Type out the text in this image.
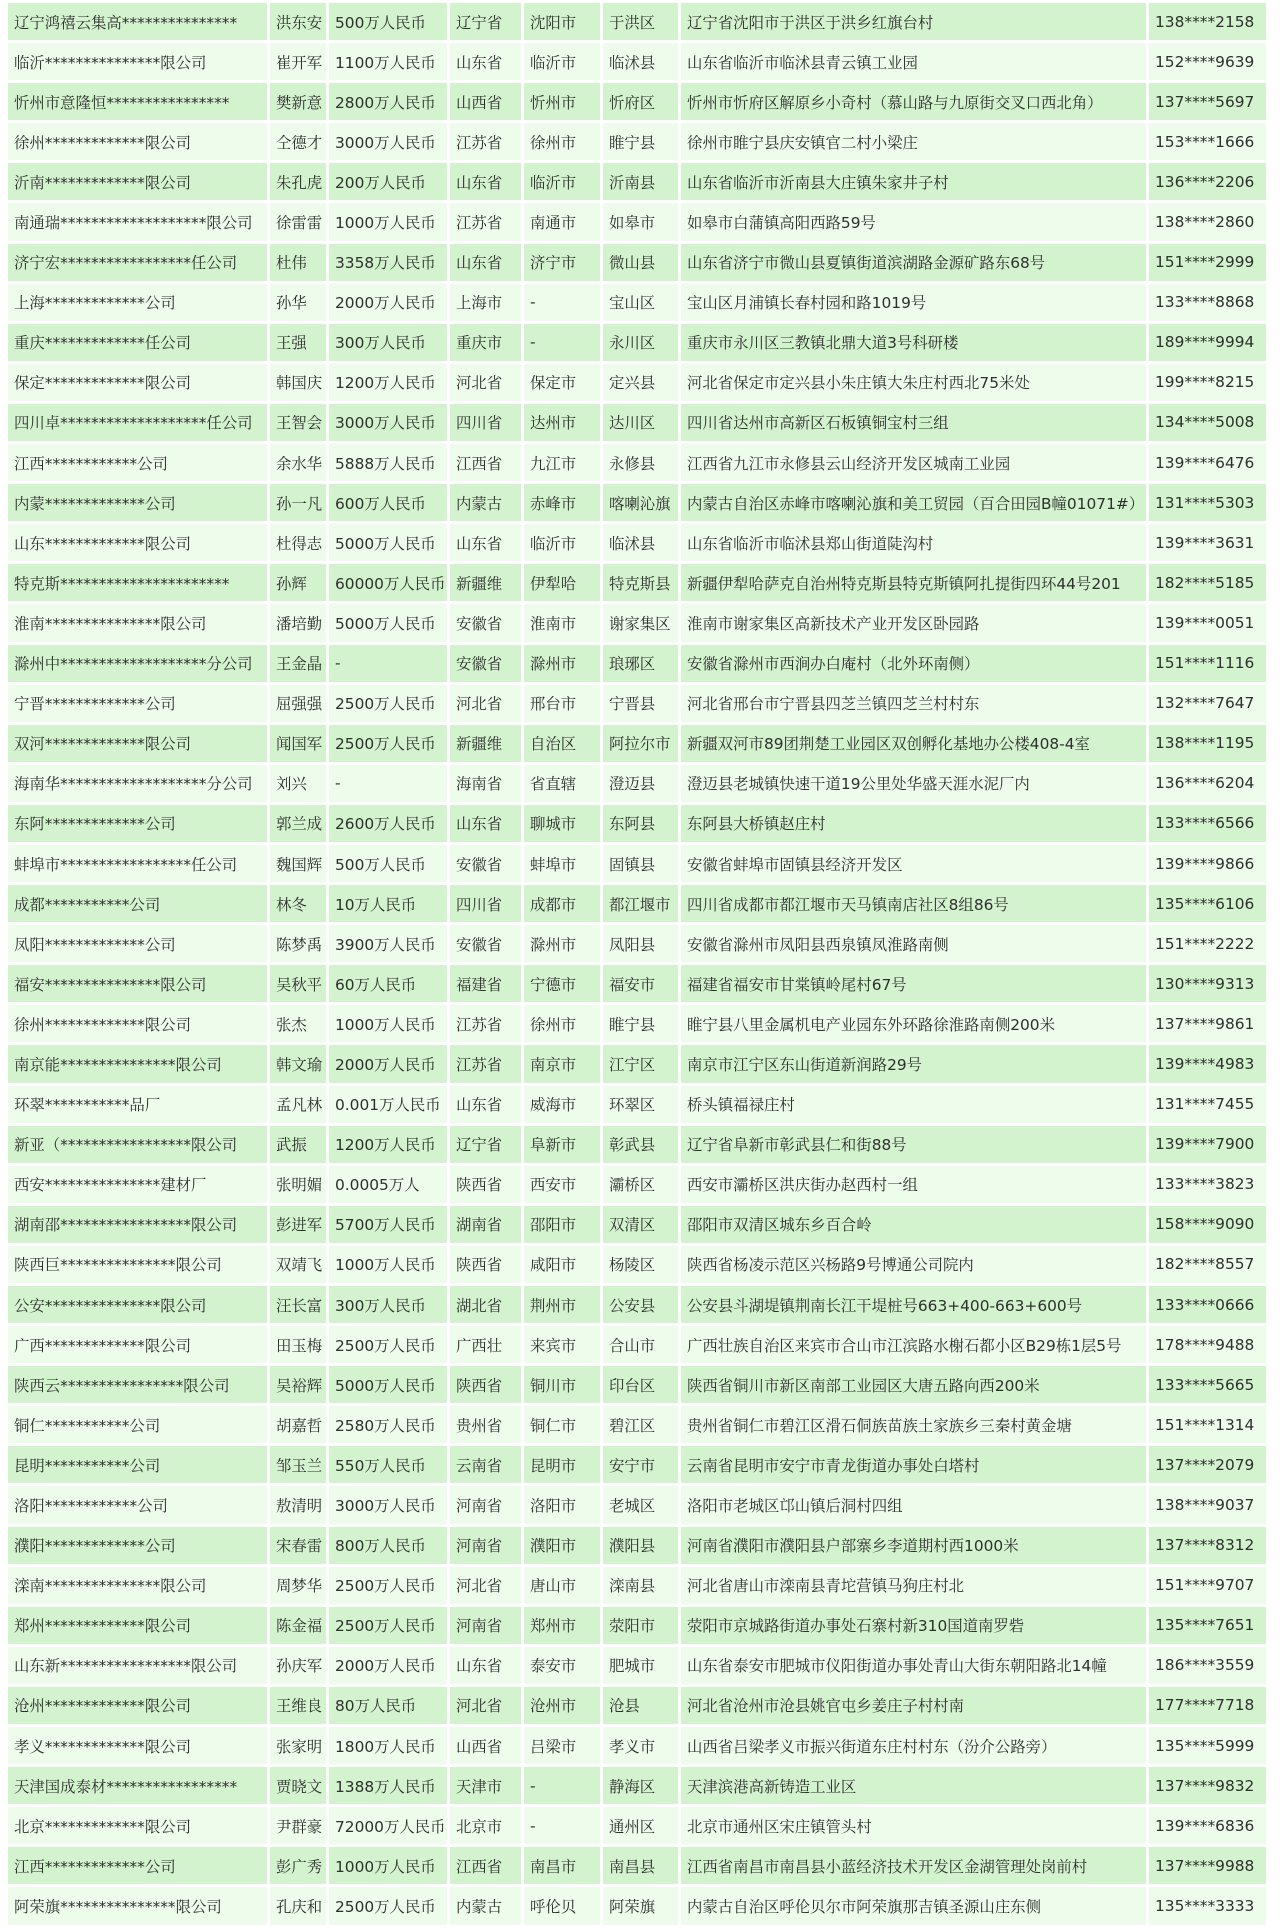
辽宁鸿禧云集高***************	洪东安	500万人民币	辽宁省	沈阳市	于洪区	辽宁省沈阳市于洪区于洪乡红旗台村	138****2158
临沂***************限公司	崔开军	1100万人民币	山东省	临沂市	临沭县	山东省临沂市临沭县青云镇工业园	152****9639
忻州市意隆恒****************	樊新意	2800万人民币	山西省	忻州市	忻府区	忻州市忻府区解原乡小奇村（慕山路与九原街交叉口西北角）	137****5697
徐州*************限公司	仝德才	3000万人民币	江苏省	徐州市	睢宁县	徐州市睢宁县庆安镇官二村小梁庄	153****1666
沂南*************限公司	朱孔虎	200万人民币	山东省	临沂市	沂南县	山东省临沂市沂南县大庄镇朱家井子村	136****2206
南通瑞*******************限公司	徐雷雷	1000万人民币	江苏省	南通市	如皋市	如皋市白蒲镇高阳西路59号	138****2860
济宁宏*****************任公司	杜伟	3358万人民币	山东省	济宁市	微山县	山东省济宁市微山县夏镇街道滨湖路金源矿路东68号	151****2999
上海*************公司	孙华	2000万人民币	上海市	-	宝山区	宝山区月浦镇长春村园和路1019号	133****8868
重庆*************任公司	王强	300万人民币	重庆市	-	永川区	重庆市永川区三教镇北鼎大道3号科研楼	189****9994
保定*************限公司	韩国庆	1200万人民币	河北省	保定市	定兴县	河北省保定市定兴县小朱庄镇大朱庄村西北75米处	199****8215
四川卓*******************任公司	王智会	3000万人民币	四川省	达州市	达川区	四川省达州市高新区石板镇铜宝村三组	134****5008
江西************公司	余水华	5888万人民币	江西省	九江市	永修县	江西省九江市永修县云山经济开发区城南工业园	139****6476
内蒙*************公司	孙一凡	600万人民币	内蒙古	赤峰市	喀喇沁旗	内蒙古自治区赤峰市喀喇沁旗和美工贸园（百合田园B幢01071#）	131****5303
山东*************限公司	杜得志	5000万人民币	山东省	临沂市	临沭县	山东省临沂市临沭县郑山街道陡沟村	139****3631
特克斯**********************	孙辉	60000万人民币	新疆维	伊犁哈	特克斯县	新疆伊犁哈萨克自治州特克斯县特克斯镇阿扎提街四环44号201	182****5185
淮南***************限公司	潘培勤	5000万人民币	安徽省	淮南市	谢家集区	淮南市谢家集区高新技术产业开发区卧园路	139****0051
滁州中*******************分公司	王金晶	-	安徽省	滁州市	琅琊区	安徽省滁州市西涧办白庵村（北外环南侧）	151****1116
宁晋*************公司	屈强强	2500万人民币	河北省	邢台市	宁晋县	河北省邢台市宁晋县四芝兰镇四芝兰村村东	132****7647
双河*************限公司	闻国军	2500万人民币	新疆维	自治区	阿拉尔市	新疆双河市89团荆楚工业园区双创孵化基地办公楼408-4室	138****1195
海南华*******************分公司	刘兴	-	海南省	省直辖	澄迈县	澄迈县老城镇快速干道19公里处华盛天涯水泥厂内	136****6204
东阿*************公司	郭兰成	2600万人民币	山东省	聊城市	东阿县	东阿县大桥镇赵庄村	133****6566
蚌埠市*****************任公司	魏国辉	500万人民币	安徽省	蚌埠市	固镇县	安徽省蚌埠市固镇县经济开发区	139****9866
成都***********公司	林冬	10万人民币	四川省	成都市	都江堰市	四川省成都市都江堰市天马镇南店社区8组86号	135****6106
凤阳*************公司	陈梦禹	3900万人民币	安徽省	滁州市	凤阳县	安徽省滁州市凤阳县西泉镇凤淮路南侧	151****2222
福安***************限公司	吴秋平	60万人民币	福建省	宁德市	福安市	福建省福安市甘棠镇岭尾村67号	130****9313
徐州*************限公司	张杰	1000万人民币	江苏省	徐州市	睢宁县	睢宁县八里金属机电产业园东外环路徐淮路南侧200米	137****9861
南京能***************限公司	韩文瑜	2000万人民币	江苏省	南京市	江宁区	南京市江宁区东山街道新润路29号	139****4983
环翠***********品厂	孟凡林	0.001万人民币	山东省	威海市	环翠区	桥头镇福禄庄村	131****7455
新亚（*****************限公司	武振	1200万人民币	辽宁省	阜新市	彰武县	辽宁省阜新市彰武县仁和街88号	139****7900
西安***************建材厂	张明媚	0.0005万人	陕西省	西安市	灞桥区	西安市灞桥区洪庆街办赵西村一组	133****3823
湖南邵*****************限公司	彭进军	5700万人民币	湖南省	邵阳市	双清区	邵阳市双清区城东乡百合岭	158****9090
陕西巨***************限公司	双靖飞	1000万人民币	陕西省	咸阳市	杨陵区	陕西省杨凌示范区兴杨路9号博通公司院内	182****8557
公安***************限公司	汪长富	300万人民币	湖北省	荆州市	公安县	公安县斗湖堤镇荆南长江干堤桩号663+400-663+600号	133****0666
广西*************限公司	田玉梅	2500万人民币	广西壮	来宾市	合山市	广西壮族自治区来宾市合山市江滨路水榭石都小区B29栋1层5号	178****9488
陕西云****************限公司	吴裕辉	5000万人民币	陕西省	铜川市	印台区	陕西省铜川市新区南部工业园区大唐五路向西200米	133****5665
铜仁***********公司	胡嘉哲	2580万人民币	贵州省	铜仁市	碧江区	贵州省铜仁市碧江区滑石侗族苗族土家族乡三秦村黄金塘	151****1314
昆明***********公司	邹玉兰	550万人民币	云南省	昆明市	安宁市	云南省昆明市安宁市青龙街道办事处白塔村	137****2079
洛阳************公司	敖清明	3000万人民币	河南省	洛阳市	老城区	洛阳市老城区邙山镇后洞村四组	138****9037
濮阳*************公司	宋春雷	800万人民币	河南省	濮阳市	濮阳县	河南省濮阳市濮阳县户部寨乡李道期村西1000米	137****8312
滦南***************限公司	周梦华	2500万人民币	河北省	唐山市	滦南县	河北省唐山市滦南县青坨营镇马狗庄村北	151****9707
郑州*************限公司	陈金福	2500万人民币	河南省	郑州市	荥阳市	荥阳市京城路街道办事处石寨村新310国道南罗砦	135****7651
山东新*****************限公司	孙庆军	2000万人民币	山东省	泰安市	肥城市	山东省泰安市肥城市仪阳街道办事处青山大街东朝阳路北14幢	186****3559
沧州*************限公司	王维良	80万人民币	河北省	沧州市	沧县	河北省沧州市沧县姚官屯乡姜庄子村村南	177****7718
孝义*************限公司	张家明	1800万人民币	山西省	吕梁市	孝义市	山西省吕梁孝义市振兴街道东庄村村东（汾介公路旁）	135****5999
天津国成泰材*****************	贾晓文	1388万人民币	天津市	-	静海区	天津滨港高新铸造工业区	137****9832
北京*************限公司	尹群豪	72000万人民币	北京市	-	通州区	北京市通州区宋庄镇管头村	139****6836
江西*************公司	彭广秀	1000万人民币	江西省	南昌市	南昌县	江西省南昌市南昌县小蓝经济技术开发区金湖管理处岗前村	137****9988
阿荣旗***************限公司	孔庆和	2500万人民币	内蒙古	呼伦贝	阿荣旗	内蒙古自治区呼伦贝尔市阿荣旗那吉镇圣源山庄东侧	135****3333
